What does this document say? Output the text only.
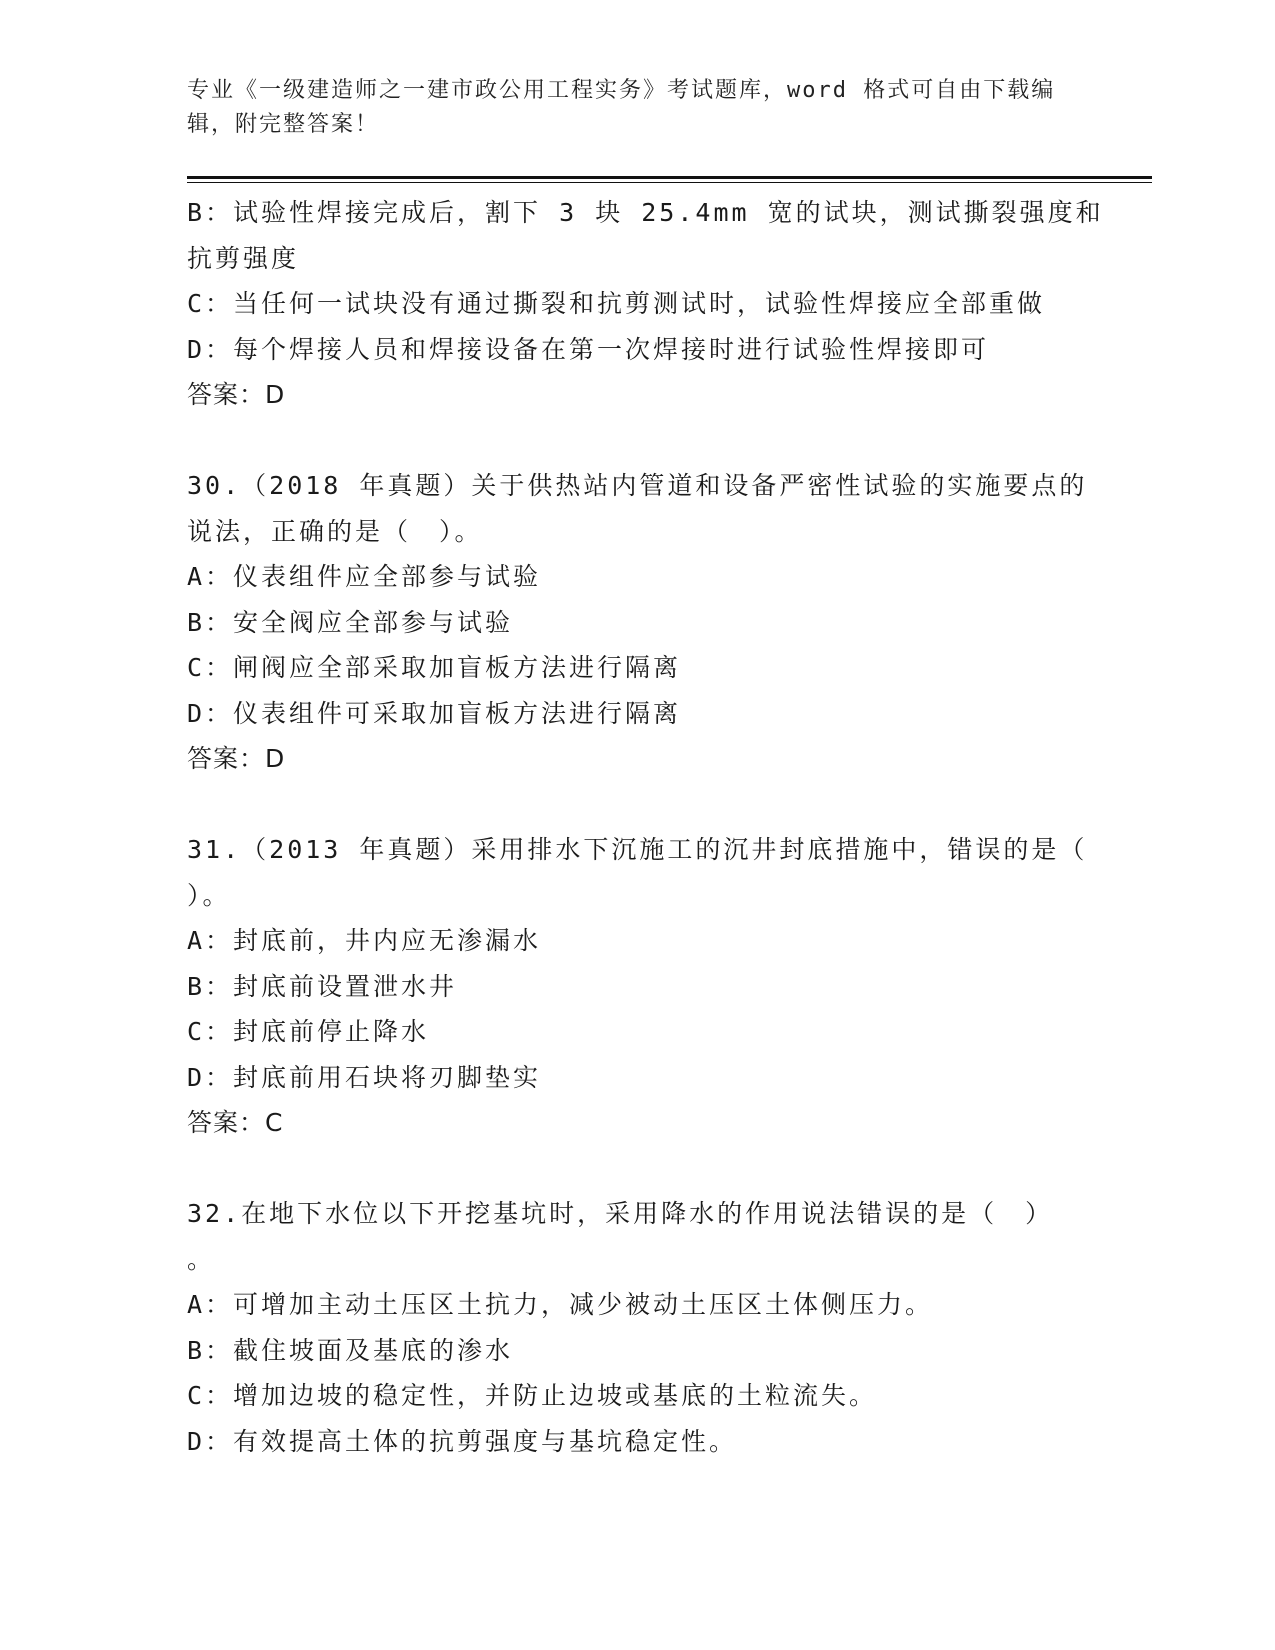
专业《一级建造师之一建市政公用工程实务》考试题库，word 格式可自由下载编
辑，附完整答案！
B：试验性焊接完成后，割下 3 块 25.4mm 宽的试块，测试撕裂强度和
抗剪强度
C：当任何一试块没有通过撕裂和抗剪测试时，试验性焊接应全部重做
D：每个焊接人员和焊接设备在第一次焊接时进行试验性焊接即可
答案：D
30.（2018 年真题）关于供热站内管道和设备严密性试验的实施要点的
说法，正确的是（　）。
A：仪表组件应全部参与试验
B：安全阀应全部参与试验
C：闸阀应全部采取加盲板方法进行隔离
D：仪表组件可采取加盲板方法进行隔离
答案：D
31.（2013 年真题）采用排水下沉施工的沉井封底措施中，错误的是（
）。
A：封底前，井内应无渗漏水
B：封底前设置泄水井
C：封底前停止降水
D：封底前用石块将刃脚垫实
答案：C
32.在地下水位以下开挖基坑时，采用降水的作用说法错误的是（　）
。
A：可增加主动土压区土抗力，减少被动土压区土体侧压力。
B：截住坡面及基底的渗水
C：增加边坡的稳定性，并防止边坡或基底的土粒流失。
D：有效提高土体的抗剪强度与基坑稳定性。
